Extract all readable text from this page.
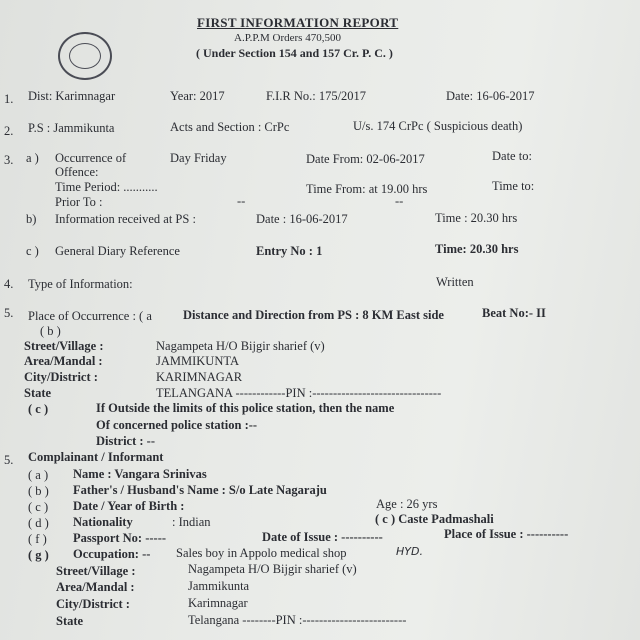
FIRST INFORMATION REPORT
A.P.P.M Orders 470,500
( Under Section 154 and 157 Cr. P. C. )
1. Dist: Karimnagar	Year: 2017	F.I.R No.: 175/2017	Date: 16-06-2017
2. P.S : Jammikunta	Acts and Section : CrPc	U/s. 174 CrPc ( Suspicious death)
3. a ) Occurrence of	Day Friday	Date From: 02-06-2017	Date to:
Offence:
Time Period: ...........	Time From: at 19.00 hrs	Time to:
Prior To :	--	--
b) Information received at PS :	Date : 16-06-2017	Time : 20.30 hrs
c ) General Diary Reference	Entry No : 1	Time: 20.30 hrs
4. Type of Information:	Written
5. Place of Occurrence : ( a Distance and Direction from PS : 8 KM East side	Beat No:- II
( b )
Street/Village :	Nagampeta H/O Bijgir sharief (v)
Area/Mandal :	JAMMIKUNTA
City/District :	KARIMNAGAR
State	TELANGANA ------------PIN :-------------------------------
( c )	If Outside the limits of this police station, then the name
Of concerned police station :--
District : --
5. Complainant / Informant
( a ) Name : Vangara Srinivas
( b ) Father's / Husband's Name : S/o Late Nagaraju
( c ) Date / Year of Birth :	Age : 26 yrs
( d ) Nationality	: Indian	( c ) Caste Padmashali
( f ) Passport No: -----	Date of Issue : ----------	Place of Issue : ----------
( g ) Occupation: -- Sales boy in Appolo medical shop	HYD.
Street/Village :	Nagampeta H/O Bijgir sharief (v)
Area/Mandal :	Jammikunta
City/District :	Karimnagar
State	Telangana --------PIN :-------------------------
